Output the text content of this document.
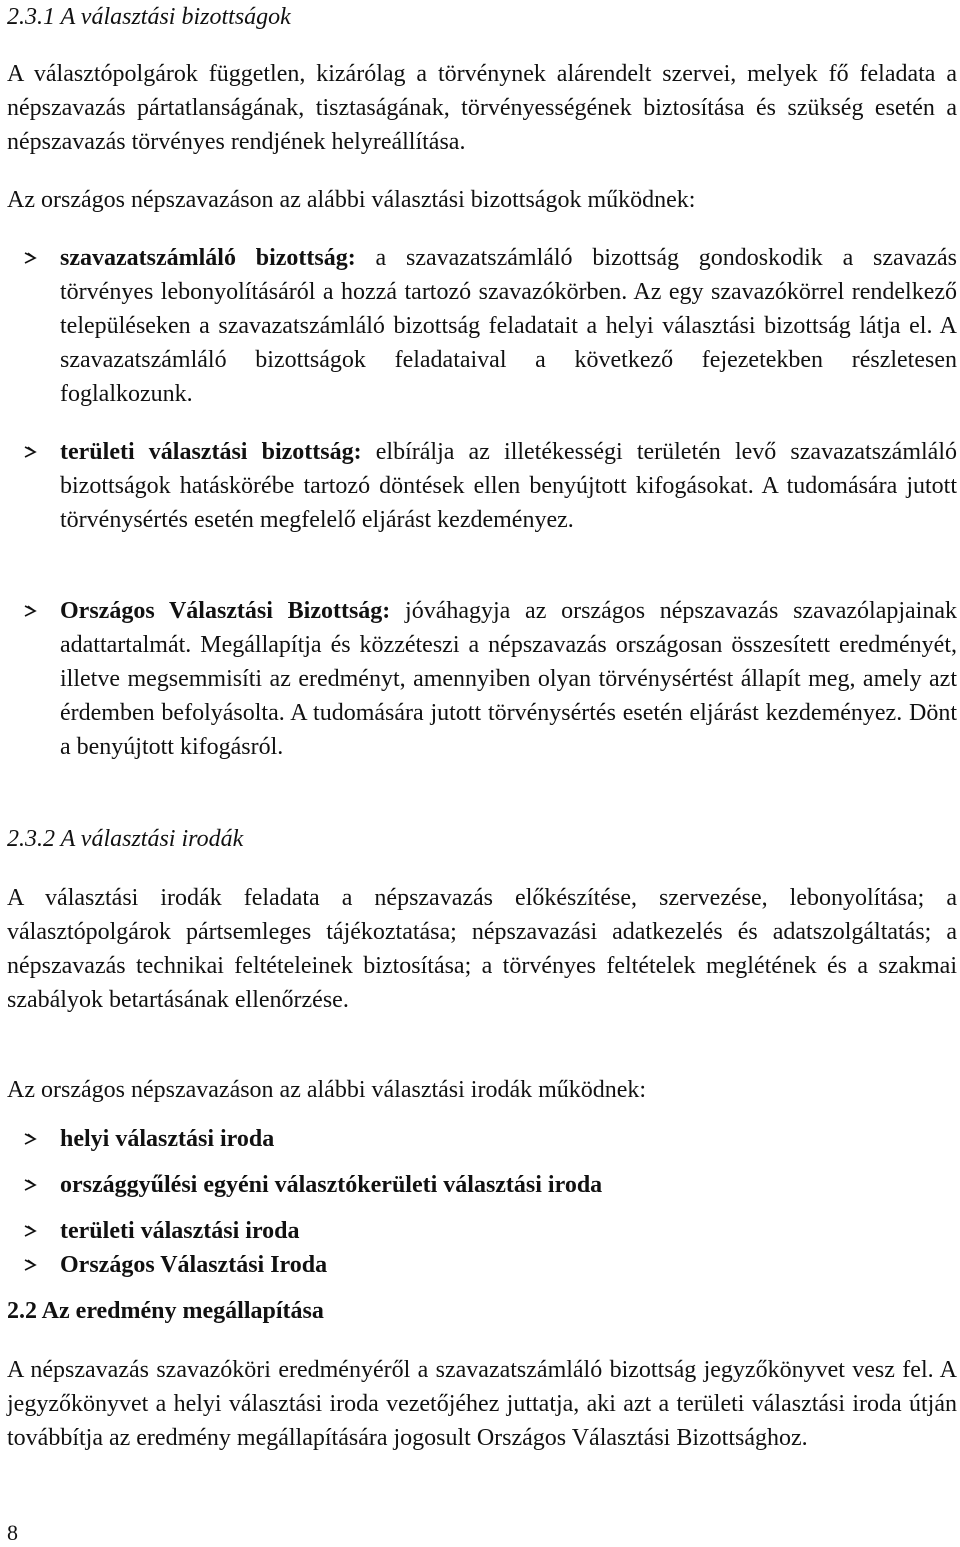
2.3.1 A választási bizottságok

A választópolgárok független, kizárólag a törvénynek alárendelt szervei, melyek fő feladata a népszavazás pártatlanságának, tisztaságának, törvényességének biztosítása és szükség esetén a népszavazás törvényes rendjének helyreállítása.

Az országos népszavazáson az alábbi választási bizottságok működnek:

szavazatszámláló bizottság: a szavazatszámláló bizottság gondoskodik a szavazás törvényes lebonyolításáról a hozzá tartozó szavazókörben. Az egy szavazókörrel rendelkező településeken a szavazatszámláló bizottság feladatait a helyi választási bizottság látja el. A szavazatszámláló bizottságok feladataival a következő fejezetekben részletesen foglalkozunk.
területi választási bizottság: elbírálja az illetékességi területén levő szavazatszámláló bizottságok hatáskörébe tartozó döntések ellen benyújtott kifogásokat. A tudomására jutott törvénysértés esetén megfelelő eljárást kezdeményez.
Országos Választási Bizottság: jóváhagyja az országos népszavazás szavazólapjainak adattartalmát. Megállapítja és közzéteszi a népszavazás országosan összesített eredményét, illetve megsemmisíti az eredményt, amennyiben olyan törvénysértést állapít meg, amely azt érdemben befolyásolta. A tudomására jutott törvénysértés esetén eljárást kezdeményez. Dönt a benyújtott kifogásról.
2.3.2 A választási irodák

A választási irodák feladata a népszavazás előkészítése, szervezése, lebonyolítása; a választópolgárok pártsemleges tájékoztatása; népszavazási adatkezelés és adatszolgáltatás; a népszavazás technikai feltételeinek biztosítása; a törvényes feltételek meglétének és a szakmai szabályok betartásának ellenőrzése.

Az országos népszavazáson az alábbi választási irodák működnek:

helyi választási iroda
országgyűlési egyéni választókerületi választási iroda
területi választási iroda
Országos Választási Iroda
2.2 Az eredmény megállapítása

A népszavazás szavazóköri eredményéről a szavazatszámláló bizottság jegyzőkönyvet vesz fel. A jegyzőkönyvet a helyi választási iroda vezetőjéhez juttatja, aki azt a területi választási iroda útján továbbítja az eredmény megállapítására jogosult Országos Választási Bizottsághoz.

8
